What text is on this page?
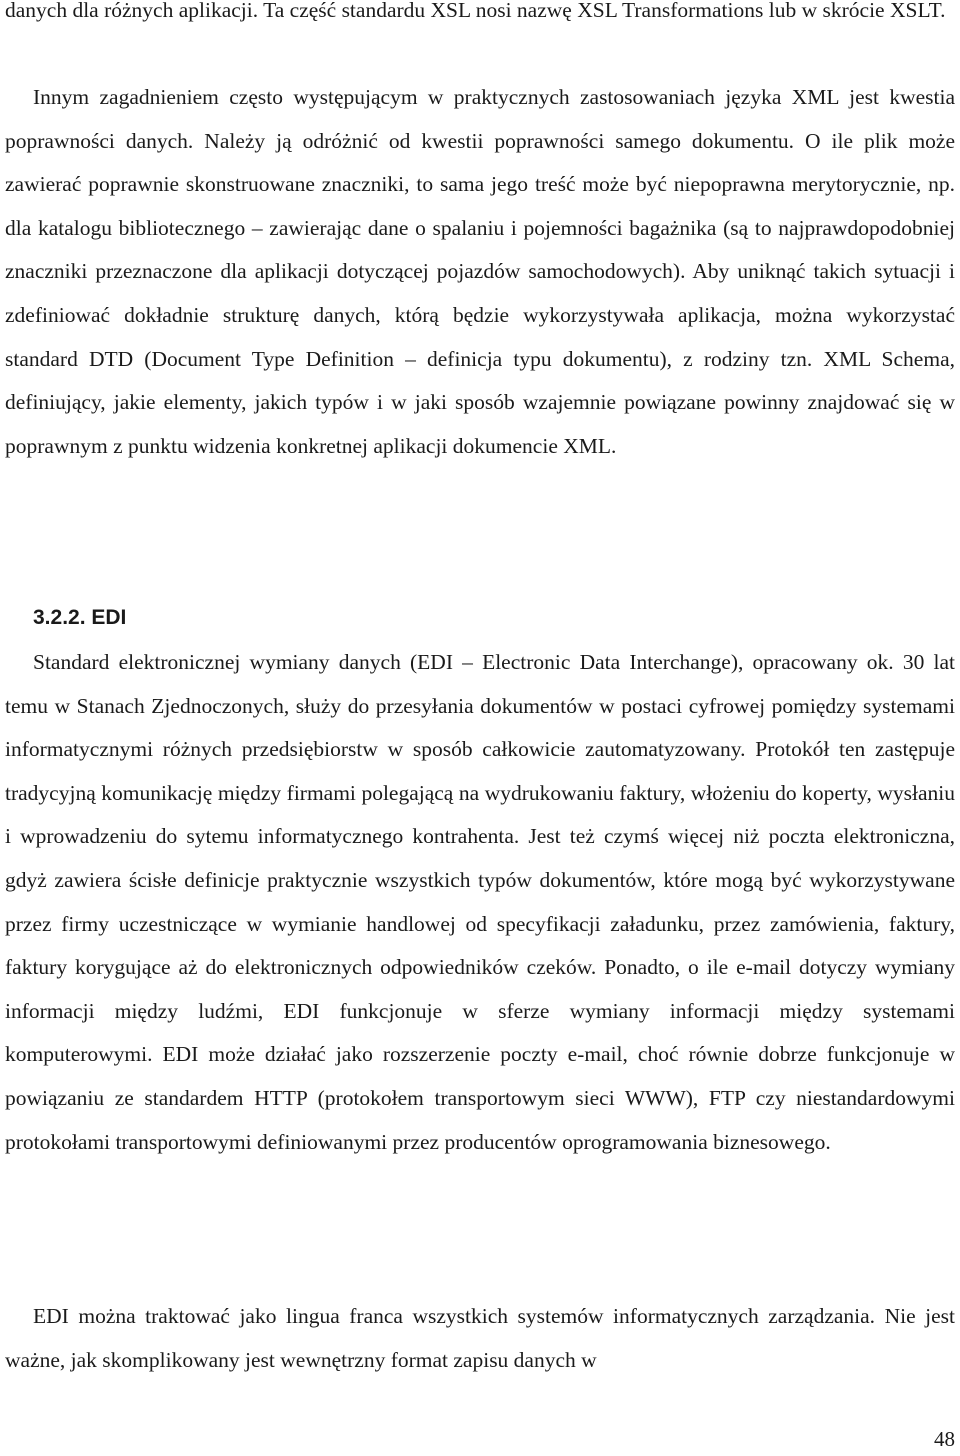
danych dla różnych aplikacji. Ta część standardu XSL nosi nazwę XSL Transformations lub w skrócie XSLT.

Innym zagadnieniem często występującym w praktycznych zastosowaniach języka XML jest kwestia poprawności danych. Należy ją odróżnić od kwestii poprawności samego dokumentu. O ile plik może zawierać poprawnie skonstruowane znaczniki, to sama jego treść może być niepoprawna merytorycznie, np. dla katalogu bibliotecznego – zawierając dane o spalaniu i pojemności bagażnika (są to najprawdopodobniej znaczniki przeznaczone dla aplikacji dotyczącej pojazdów samochodowych). Aby uniknąć takich sytuacji i zdefiniować dokładnie strukturę danych, którą będzie wykorzystywała aplikacja, można wykorzystać standard DTD (Document Type Definition – definicja typu dokumentu), z rodziny tzn. XML Schema, definiujący, jakie elementy, jakich typów i w jaki sposób wzajemnie powiązane powinny znajdować się w poprawnym z punktu widzenia konkretnej aplikacji dokumencie XML.

3.2.2. EDI

Standard elektronicznej wymiany danych (EDI – Electronic Data Interchange), opracowany ok. 30 lat temu w Stanach Zjednoczonych, służy do przesyłania dokumentów w postaci cyfrowej pomiędzy systemami informatycznymi różnych przedsiębiorstw w sposób całkowicie zautomatyzowany. Protokół ten zastępuje tradycyjną komunikację między firmami polegającą na wydrukowaniu faktury, włożeniu do koperty, wysłaniu i wprowadzeniu do sytemu informatycznego kontrahenta. Jest też czymś więcej niż poczta elektroniczna, gdyż zawiera ścisłe definicje praktycznie wszystkich typów dokumentów, które mogą być wykorzystywane przez firmy uczestniczące w wymianie handlowej od specyfikacji załadunku, przez zamówienia, faktury, faktury korygujące aż do elektronicznych odpowiedników czeków. Ponadto, o ile e-mail dotyczy wymiany informacji między ludźmi, EDI funkcjonuje w sferze wymiany informacji między systemami komputerowymi. EDI może działać jako rozszerzenie poczty e-mail, choć równie dobrze funkcjonuje w powiązaniu ze standardem HTTP (protokołem transportowym sieci WWW), FTP czy niestandardowymi protokołami transportowymi definiowanymi przez producentów oprogramowania biznesowego.

EDI można traktować jako lingua franca wszystkich systemów informatycznych zarządzania. Nie jest ważne, jak skomplikowany jest wewnętrzny format zapisu danych w

48
